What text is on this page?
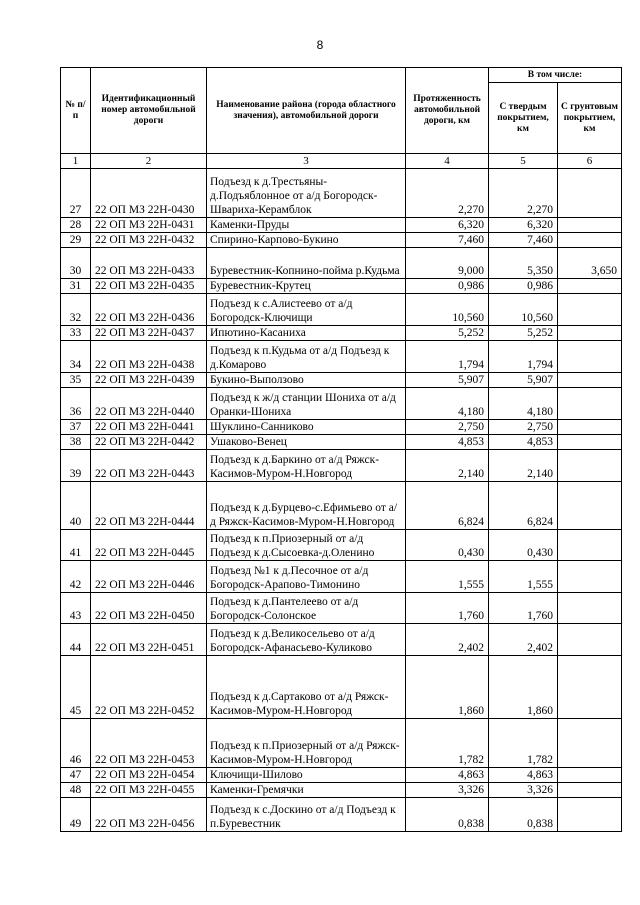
8
№ п/п	Идентификационный номер автомобильной дороги	Наименование района (города областного значения), автомобильной дороги	Протяженность автомобильной дороги, км	В том числе:	
				С твердым покрытием, км	С грунтовым покрытием, км
1	2	3	4	5	6
27	22 ОП МЗ 22Н-0430	Подъезд к д.Трестьяны-д.Подъяблонное от а/д Богородск-Швариха-Керамблок	2,270	2,270	
28	22 ОП МЗ 22Н-0431	Каменки-Пруды	6,320	6,320	
29	22 ОП МЗ 22Н-0432	Спирино-Карпово-Букино	7,460	7,460	
30	22 ОП МЗ 22Н-0433	Буревестник-Копнино-пойма р.Кудьма	9,000	5,350	3,650
31	22 ОП МЗ 22Н-0435	Буревестник-Крутец	0,986	0,986	
32	22 ОП МЗ 22Н-0436	Подъезд к с.Алистеево от а/д Богородск-Ключищи	10,560	10,560	
33	22 ОП МЗ 22Н-0437	Ипютино-Касаниха	5,252	5,252	
34	22 ОП МЗ 22Н-0438	Подъезд к п.Кудьма от а/д Подъезд к д.Комарово	1,794	1,794	
35	22 ОП МЗ 22Н-0439	Букино-Выползово	5,907	5,907	
36	22 ОП МЗ 22Н-0440	Подъезд к ж/д станции Шониха от а/д Оранки-Шониха	4,180	4,180	
37	22 ОП МЗ 22Н-0441	Шуклино-Санниково	2,750	2,750	
38	22 ОП МЗ 22Н-0442	Ушаково-Венец	4,853	4,853	
39	22 ОП МЗ 22Н-0443	Подъезд к д.Баркино от а/д Ряжск-Касимов-Муром-Н.Новгород	2,140	2,140	
40	22 ОП МЗ 22Н-0444	Подъезд к д.Бурцево-с.Ефимьево от а/д Ряжск-Касимов-Муром-Н.Новгород	6,824	6,824	
41	22 ОП МЗ 22Н-0445	Подъезд к п.Приозерный от а/д Подъезд к д.Сысоевка-д.Оленино	0,430	0,430	
42	22 ОП МЗ 22Н-0446	Подъезд №1 к д.Песочное от а/д Богородск-Арапово-Тимонино	1,555	1,555	
43	22 ОП МЗ 22Н-0450	Подъезд к д.Пантелеево от а/д Богородск-Солонское	1,760	1,760	
44	22 ОП МЗ 22Н-0451	Подъезд к д.Великосельево от а/д Богородск-Афанасьево-Куликово	2,402	2,402	
45	22 ОП МЗ 22Н-0452	Подъезд к д.Сартаково от а/д Ряжск-Касимов-Муром-Н.Новгород	1,860	1,860	
46	22 ОП МЗ 22Н-0453	Подъезд к п.Приозерный от а/д Ряжск-Касимов-Муром-Н.Новгород	1,782	1,782	
47	22 ОП МЗ 22Н-0454	Ключищи-Шилово	4,863	4,863	
48	22 ОП МЗ 22Н-0455	Каменки-Гремячки	3,326	3,326	
49	22 ОП МЗ 22Н-0456	Подъезд к с.Доскино от а/д Подъезд к п.Буревестник	0,838	0,838	
